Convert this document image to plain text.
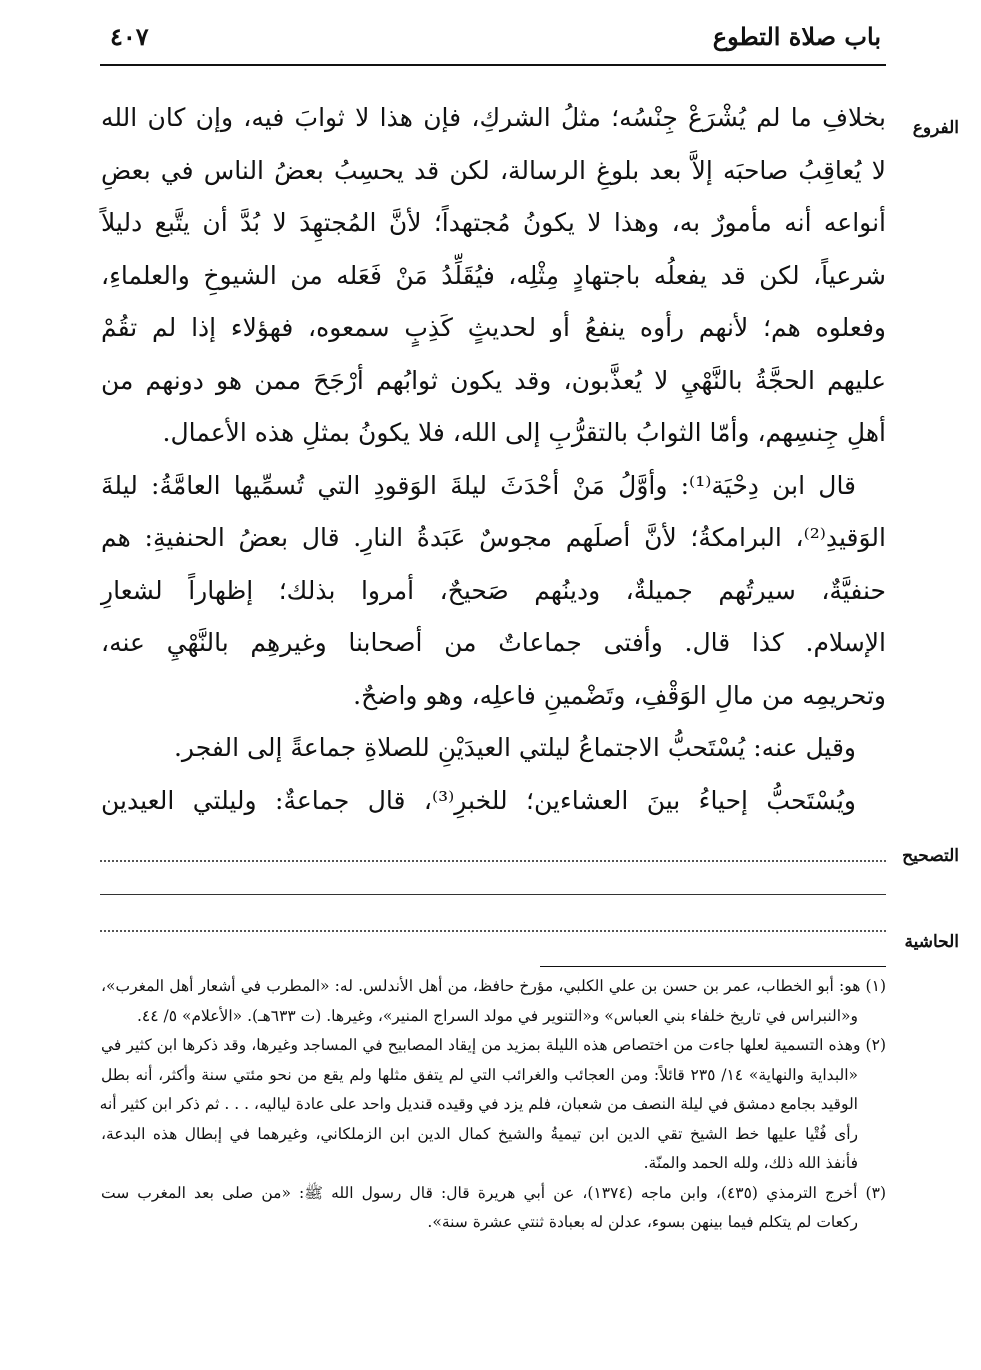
باب صلاة التطوع
٤٠٧
الفروع
بخلافِ ما لم يُشْرَعْ جِنْسُه؛ مثلُ الشركِ، فإن هذا لا ثوابَ فيه، وإن كان الله
لا يُعاقِبُ صاحبَه إلاَّ بعد بلوغِ الرسالة، لكن قد يحسِبُ بعضُ الناس في بعضِ
أنواعه أنه مأمورٌ به، وهذا لا يكونُ مُجتهداً؛ لأنَّ المُجتهِدَ لا بُدَّ أن يتَّبع دليلاً
شرعياً، لكن قد يفعلُه باجتهادٍ مِثْلِه، فيُقَلِّدُ مَنْ فَعَله من الشيوخِ والعلماءِ،
وفعلوه هم؛ لأنهم رأوه ينفعُ أو لحديثٍ كَذِبٍ سمعوه، فهؤلاء إذا لم تقُمْ
عليهم الحجَّةُ بالنَّهْيِ لا يُعذَّبون، وقد يكون ثوابُهم أرْجَحَ ممن هو دونهم من
أهلِ جِنسِهم، وأمّا الثوابُ بالتقرُّبِ إلى الله، فلا يكونُ بمثلِ هذه الأعمال.
قال ابن دِحْيَة⁽¹⁾: وأوَّلُ مَنْ أحْدَثَ ليلةَ الوَقودِ التي تُسمِّيها العامَّةُ: ليلةَ
الوَقيدِ⁽²⁾، البرامكةُ؛ لأنَّ أصلَهم مجوسٌ عَبَدةُ النارِ. قال بعضُ الحنفيةِ: هم
حنفيَّةٌ، سيرتُهم جميلةٌ، ودينُهم صَحيحٌ، أمروا بذلك؛ إظهاراً لشعارِ
الإسلام. كذا قال. وأفتى جماعاتٌ من أصحابنا وغيرهِم بالنَّهْيِ عنه،
وتحريمِه من مالِ الوَقْفِ، وتَضْمينِ فاعلِه، وهو واضحٌ.
وقيل عنه: يُسْتَحبُّ الاجتماعُ ليلتي العيدَيْنِ للصلاةِ جماعةً إلى الفجر.
ويُسْتَحبُّ إحياءُ بينَ العشاءين؛ للخبرِ⁽³⁾، قال جماعةٌ: وليلتي العيدين
التصحيح
الحاشية
(١) هو: أبو الخطاب، عمر بن حسن بن علي الكلبي، مؤرخ حافظ، من أهل الأندلس. له: «المطرب في أشعار أهل المغرب»،
و«النبراس في تاريخ خلفاء بني العباس» و«التنوير في مولد السراج المنير»، وغيرها. (ت ٦٣٣هـ). «الأعلام» ٥/ ٤٤.
(٢) وهذه التسمية لعلها جاءت من اختصاص هذه الليلة بمزيد من إيقاد المصابيح في المساجد وغيرها، وقد ذكرها ابن كثير في
«البداية والنهاية» ١٤/ ٢٣٥ قائلاً: ومن العجائب والغرائب التي لم يتفق مثلها ولم يقع من نحو مئتي سنة وأكثر، أنه بطل
الوقيد بجامع دمشق في ليلة النصف من شعبان، فلم يزد في وقيده قنديل واحد على عادة لياليه، . . . ثم ذكر ابن كثير أنه
رأى فُتْيا عليها خط الشيخ تقي الدين ابن تيميةُ والشيخ كمال الدين ابن الزملكاني، وغيرهما في إبطال هذه البدعة،
فأنفذ الله ذلك، ولله الحمد والمنّة.
(٣) أخرج الترمذي (٤٣٥)، وابن ماجه (١٣٧٤)، عن أبي هريرة قال: قال رسول الله ﷺ: «من صلى بعد المغرب ست
ركعات لم يتكلم فيما بينهن بسوء، عدلن له بعبادة ثنتي عشرة سنة».
